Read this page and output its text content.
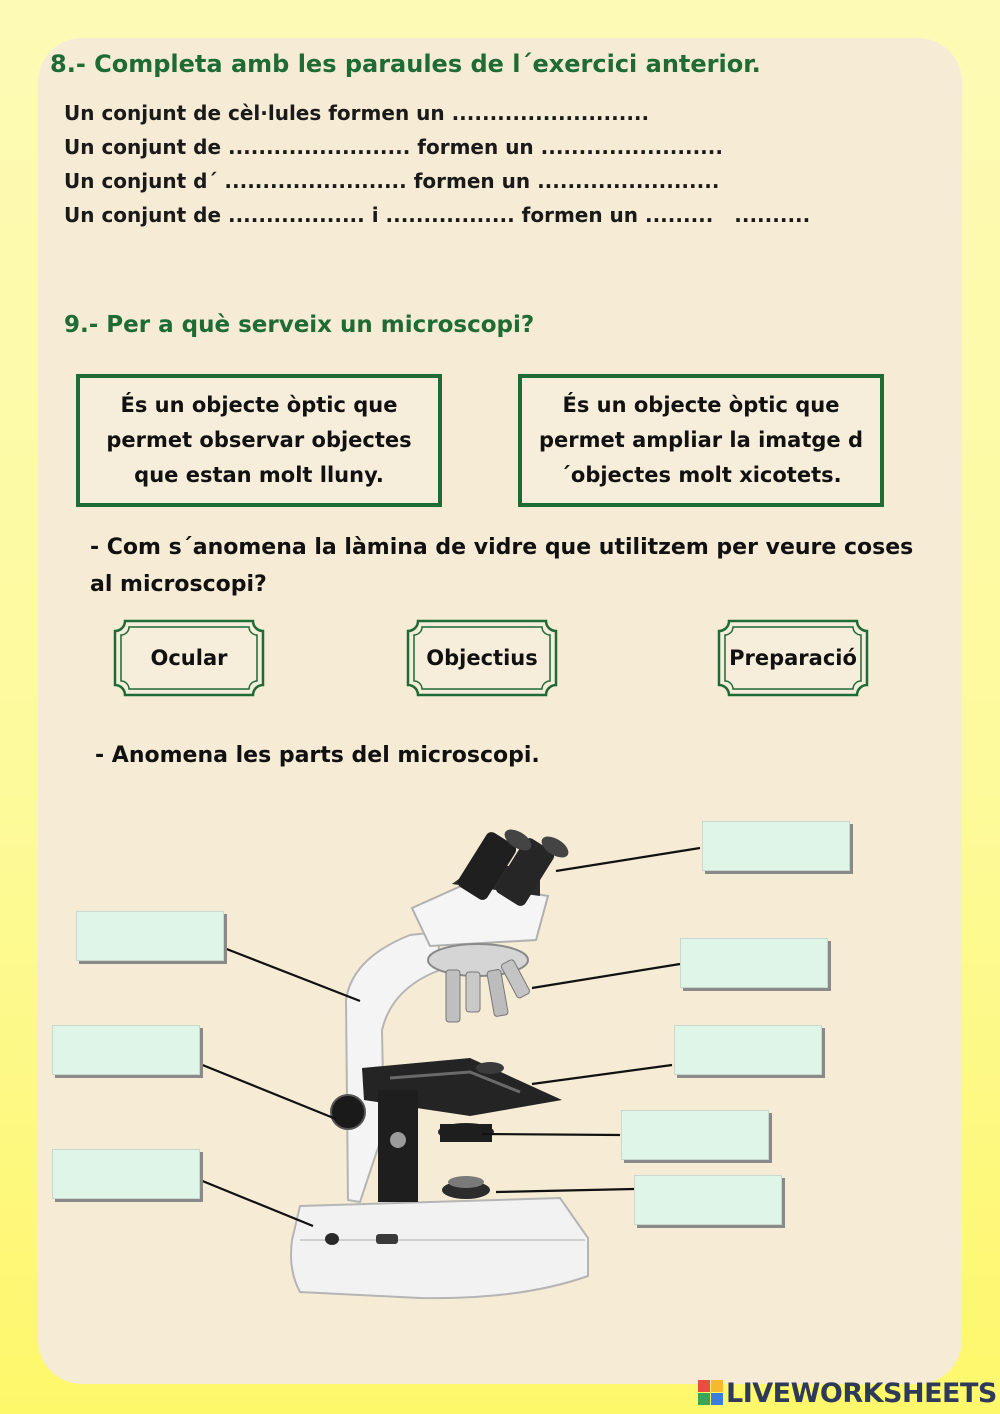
8.- Completa amb les paraules de l´exercici anterior.
Un conjunt de cèl·lules formen un ..........................
Un conjunt de ........................ formen un ........................
Un conjunt d´ ........................ formen un ........................
Un conjunt de .................. i ................. formen un .........   ..........
9.- Per a què serveix un microscopi?
És un objecte òptic que permet observar objectes que estan molt lluny.
És un objecte òptic que permet ampliar la imatge d´objectes molt xicotets.
- Com s´anomena la làmina de vidre que utilitzem per veure coses al microscopi?
Ocular	Objectius	Preparació
- Anomena les parts del microscopi.
LIVEWORKSHEETS
